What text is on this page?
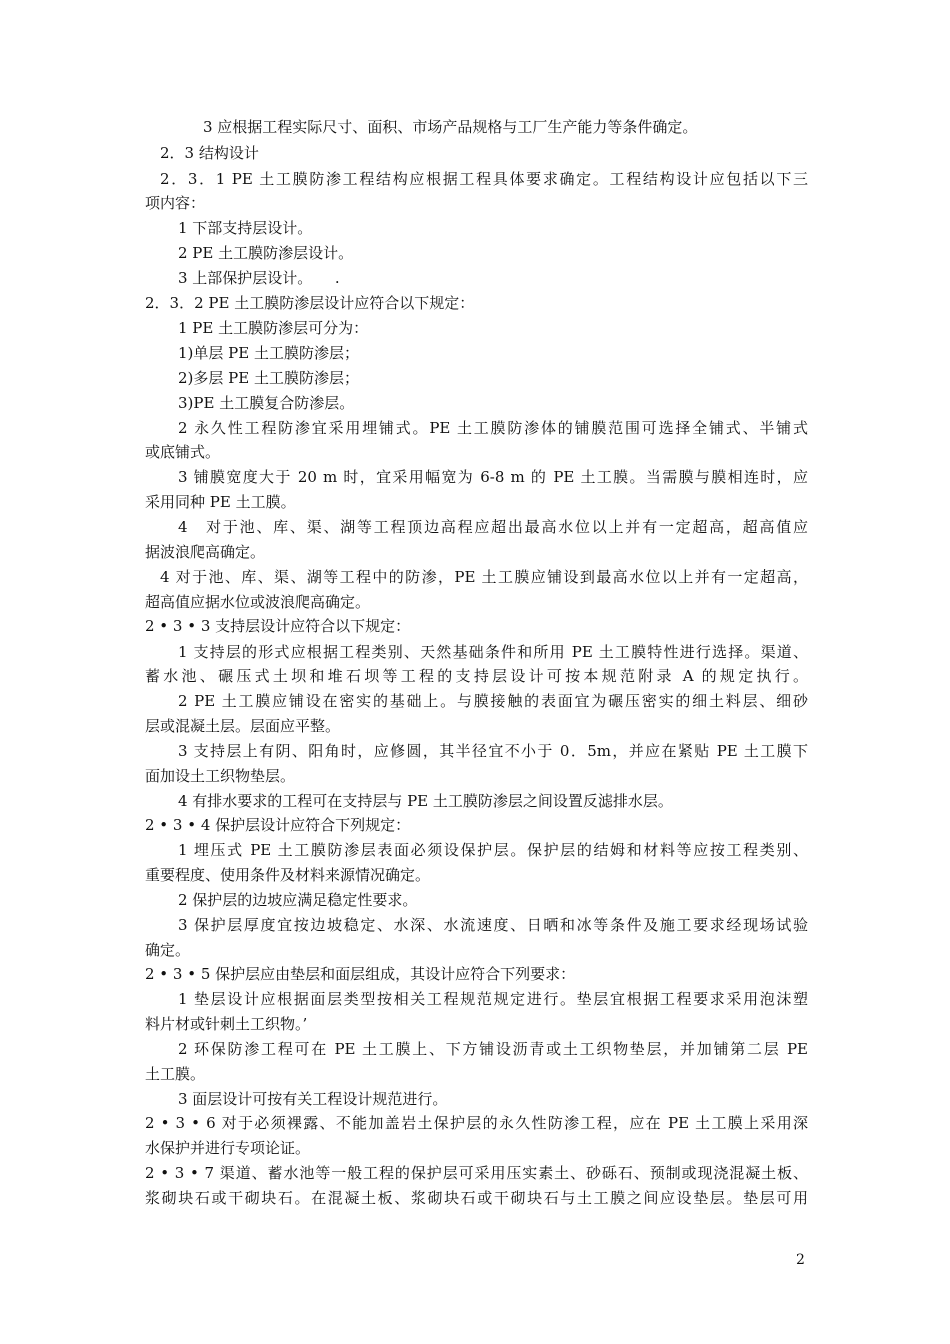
3 应根据工程实际尺寸、面积、市场产品规格与工厂生产能力等条件确定。
2．3 结构设计
2．3．1 PE 土工膜防渗工程结构应根据工程具体要求确定。工程结构设计应包括以下三
项内容：
1 下部支持层设计。
2 PE 土工膜防渗层设计。
3 上部保护层设计。　　.
2．3．2 PE 土工膜防渗层设计应符合以下规定：
1 PE 土工膜防渗层可分为：
1)单层 PE 土工膜防渗层；
2)多层 PE 土工膜防渗层；
3)PE 土工膜复合防渗层。
2 永久性工程防渗宜采用埋铺式。PE 土工膜防渗体的铺膜范围可选择全铺式、半铺式
或底铺式。
3 铺膜宽度大于 20 m 时，宜采用幅宽为 6-8 m 的 PE 土工膜。当需膜与膜相连时，应
采用同种 PE 土工膜。
4　对于池、库、渠、湖等工程顶边高程应超出最高水位以上并有一定超高，超高值应
据波浪爬高确定。
4 对于池、库、渠、湖等工程中的防渗，PE 土工膜应铺设到最高水位以上并有一定超高，
超高值应据水位或波浪爬高确定。
2 • 3 • 3 支持层设计应符合以下规定：
1 支持层的形式应根据工程类别、天然基础条件和所用 PE 土工膜特性进行选择。渠道、
蓄水池、碾压式土坝和堆石坝等工程的支持层设计可按本规范附录 A 的规定执行。
2 PE 土工膜应铺设在密实的基础上。与膜接触的表面宜为碾压密实的细土料层、细砂
层或混凝土层。层面应平整。
3 支持层上有阴、阳角时，应修圆，其半径宜不小于 0．5m，并应在紧贴 PE 土工膜下
面加设土工织物垫层。
4 有排水要求的工程可在支持层与 PE 土工膜防渗层之间设置反滤排水层。
2 • 3 • 4 保护层设计应符合下列规定：
1 埋压式 PE 土工膜防渗层表面必须设保护层。保护层的结姆和材料等应按工程类别、
重要程度、使用条件及材料来源情况确定。
2 保护层的边坡应满足稳定性要求。
3 保护层厚度宜按边坡稳定、水深、水流速度、日晒和冰等条件及施工要求经现场试验
确定。
2 • 3 • 5 保护层应由垫层和面层组成，其设计应符合下列要求：
1 垫层设计应根据面层类型按相关工程规范规定进行。垫层宜根据工程要求采用泡沫塑
料片材或针刺土工织物。’
2 环保防渗工程可在 PE 土工膜上、下方铺设沥青或土工织物垫层，并加铺第二层 PE
土工膜。
3 面层设计可按有关工程设计规范进行。
2 • 3 • 6 对于必须裸露、不能加盖岩土保护层的永久性防渗工程，应在 PE 土工膜上采用深
水保护并进行专项论证。
2 • 3 • 7 渠道、蓄水池等一般工程的保护层可采用压实素土、砂砾石、预制或现浇混凝土板、
浆砌块石或干砌块石。在混凝土板、浆砌块石或干砌块石与土工膜之间应设垫层。垫层可用
2
